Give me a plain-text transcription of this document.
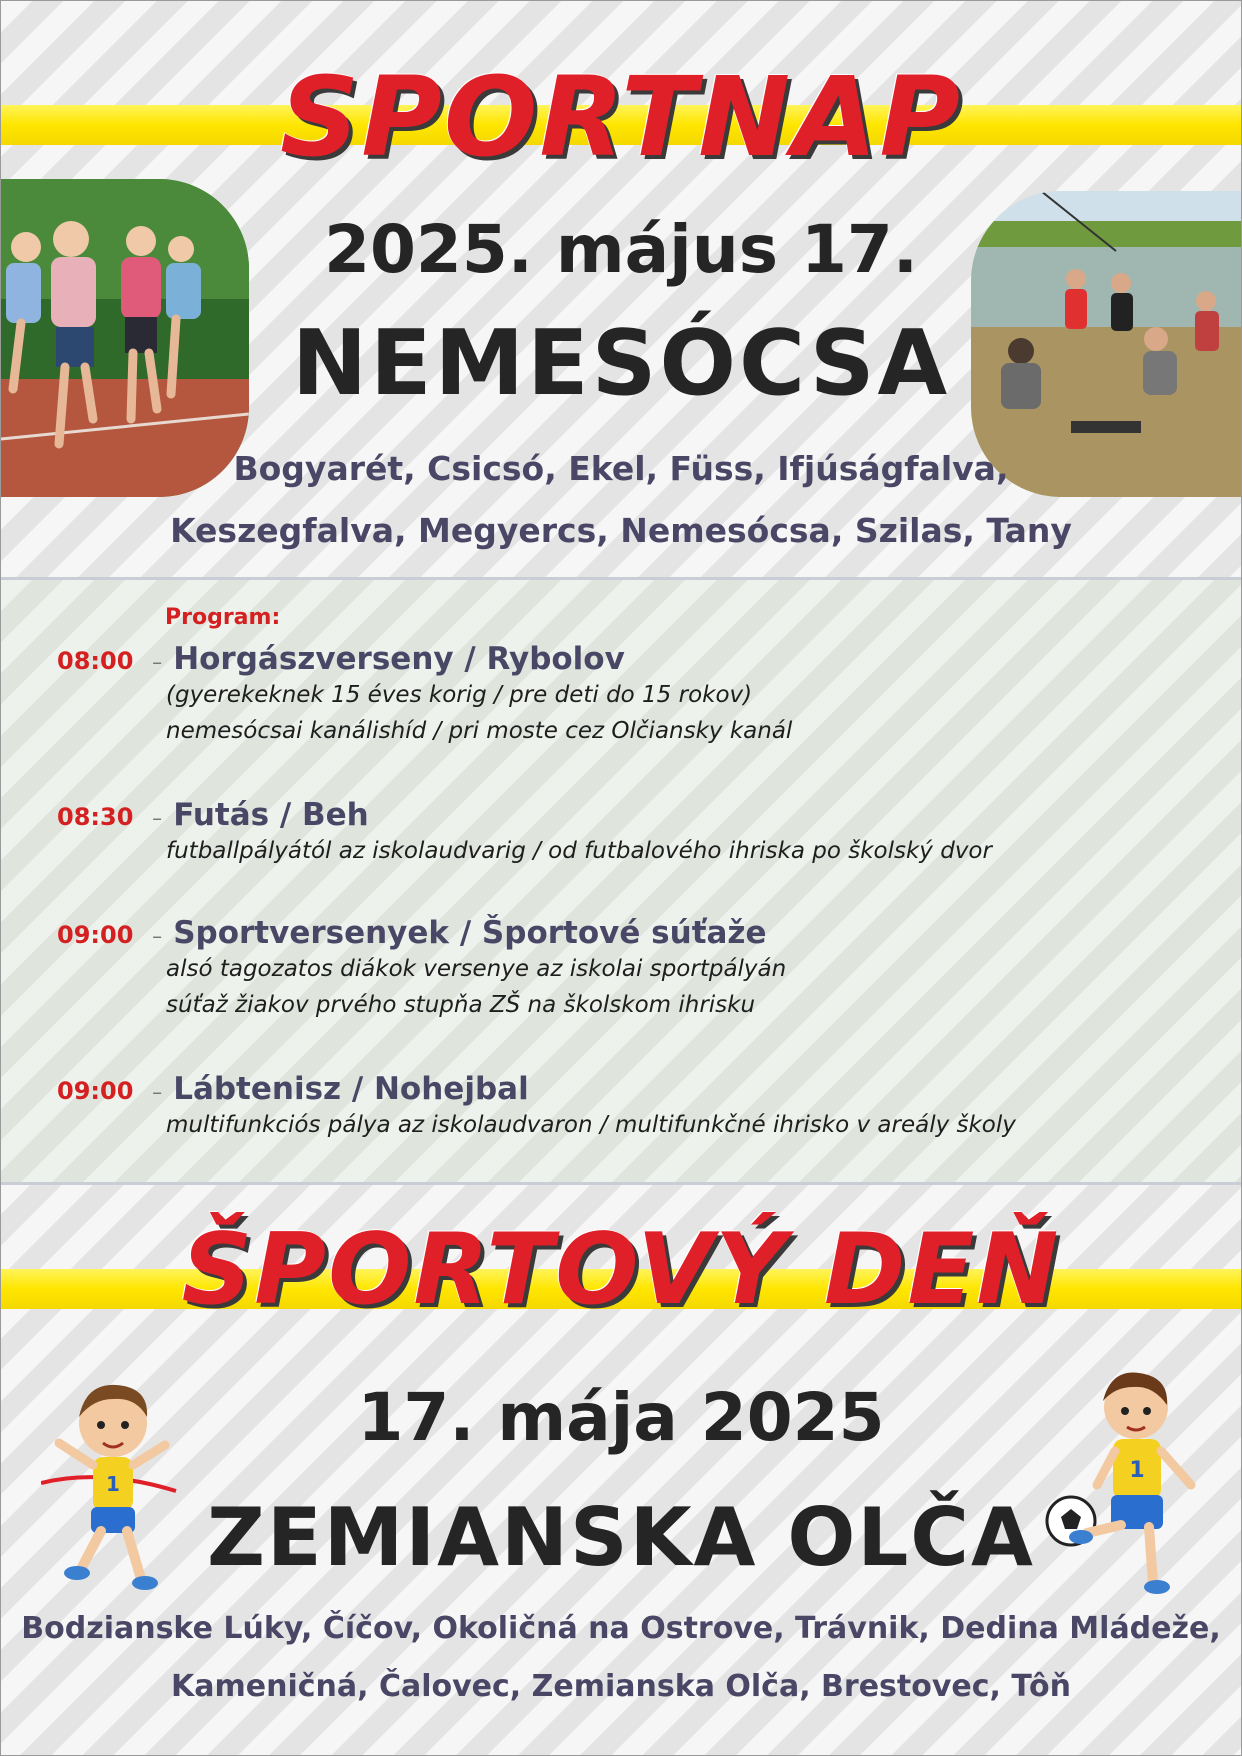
SPORTNAP
2025. május 17.
NEMESÓCSA

Bogyarét, Csicsó, Ekel, Füss, Ifjúságfalva,

Keszegfalva, Megyercs, Nemesócsa, Szilas, Tany

Program:
08:00 – Horgászverseny / Rybolov
(gyerekeknek 15 éves korig / pre deti do 15 rokov)
nemesócsai kanálishíd / pri moste cez Olčiansky kanál
08:30 – Futás / Beh
futballpályától az iskolaudvarig / od futbalového ihriska po školský dvor
09:00 – Sportversenyek / Športové súťaže
alsó tagozatos diákok versenye az iskolai sportpályán
súťaž žiakov prvého stupňa ZŠ na školskom ihrisku
09:00 – Lábtenisz / Nohejbal
multifunkciós pálya az iskolaudvaron / multifunkčné ihrisko v areály školy
ŠPORTOVÝ DEŇ
17. mája 2025
ZEMIANSKA OLČA
1
1

Bodzianske Lúky, Číčov, Okoličná na Ostrove, Trávnik, Dedina Mládeže,

Kameničná, Čalovec, Zemianska Olča, Brestovec, Tôň
